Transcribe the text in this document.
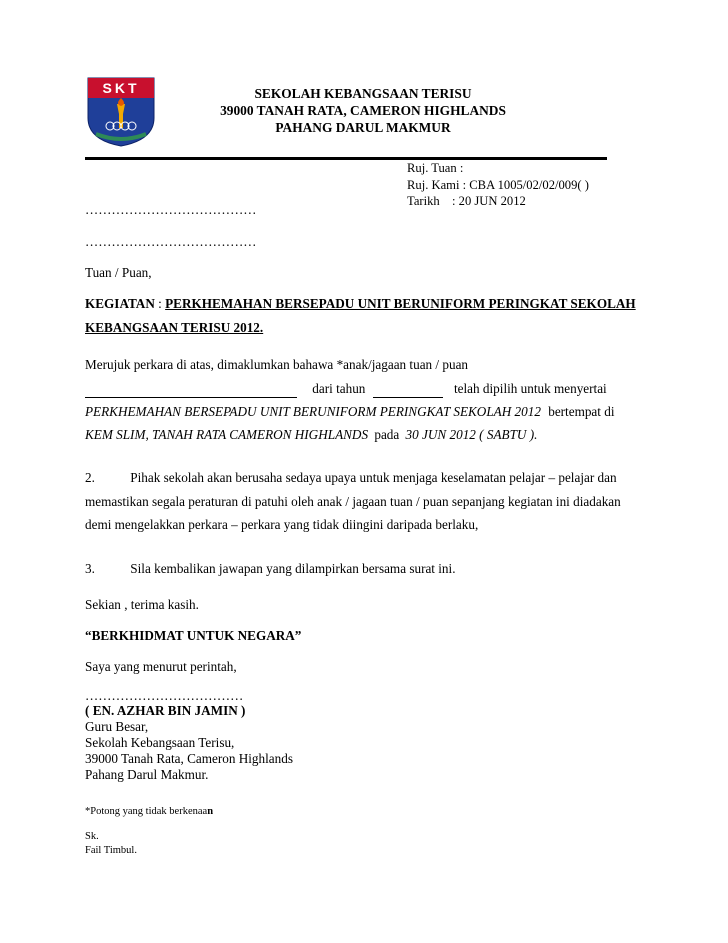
SKT	SEKOLAH KEBANGSAAN TERISU
39000 TANAH RATA, CAMERON HIGHLANDS
PAHANG DARUL MAKMUR
Ruj. Tuan :
Ruj. Kami : CBA 1005/02/02/009( )
Tarikh : 20 JUN 2012
…………………………………
…………………………………
Tuan / Puan,
KEGIATAN : PERKHEMAHAN BERSEPADU UNIT BERUNIFORM PERINGKAT SEKOLAH
KEBANGSAAN TERISU 2012.
Merujuk perkara di atas, dimaklumkan bahawa *anak/jagaan tuan / puan
dari tahun	telah dipilih untuk menyertai
PERKHEMAHAN BERSEPADU UNIT BERUNIFORM PERINGKAT SEKOLAH 2012 bertempat di
KEM SLIM, TANAH RATA CAMERON HIGHLANDS pada 30 JUN 2012 ( SABTU ).
2.	Pihak sekolah akan berusaha sedaya upaya untuk menjaga keselamatan pelajar – pelajar dan
memastikan segala peraturan di patuhi oleh anak / jagaan tuan / puan sepanjang kegiatan ini diadakan
demi mengelakkan perkara – perkara yang tidak diingini daripada berlaku,
3.	Sila kembalikan jawapan yang dilampirkan bersama surat ini.
Sekian , terima kasih.
“BERKHIDMAT UNTUK NEGARA”
Saya yang menurut perintah,
………………………………
( EN. AZHAR BIN JAMIN )
Guru Besar,
Sekolah Kebangsaan Terisu,
39000 Tanah Rata, Cameron Highlands
Pahang Darul Makmur.
*Potong yang tidak berkenaan
Sk.
Fail Timbul.
